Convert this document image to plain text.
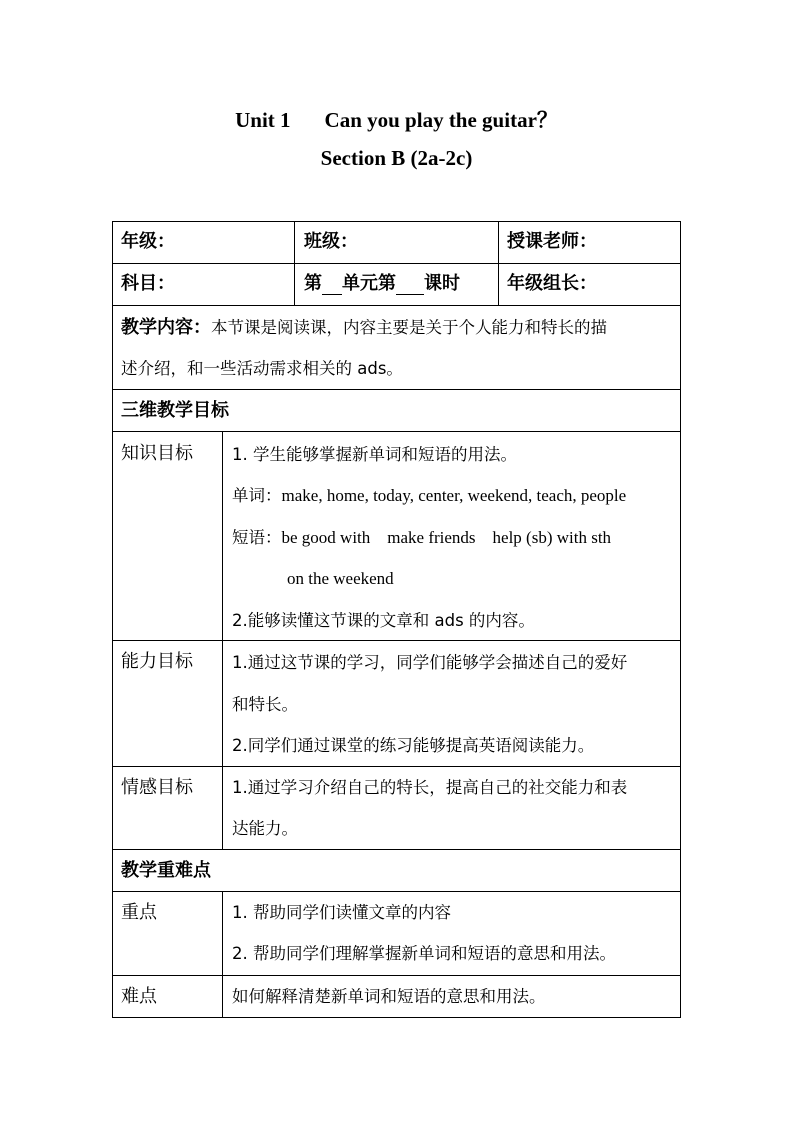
Unit 1 Can you play the guitar？
Section B (2a-2c)
年级：	班级：	授课老师：
科目：	第 单元第 课时	年级组长：
教学内容：本节课是阅读课，内容主要是关于个人能力和特长的描
述介绍，和一些活动需求相关的 ads。
三维教学目标
知识目标 1. 学生能够掌握新单词和短语的用法。
单词：make, home, today, center, weekend, teach, people
短语：be good with    make friends    help (sb) with sth
on the weekend
2.能够读懂这节课的文章和 ads 的内容。
能力目标 1.通过这节课的学习，同学们能够学会描述自己的爱好
和特长。
2.同学们通过课堂的练习能够提高英语阅读能力。
情感目标 1.通过学习介绍自己的特长，提高自己的社交能力和表
达能力。
教学重难点
重点	1. 帮助同学们读懂文章的内容
2. 帮助同学们理解掌握新单词和短语的意思和用法。
难点	如何解释清楚新单词和短语的意思和用法。
